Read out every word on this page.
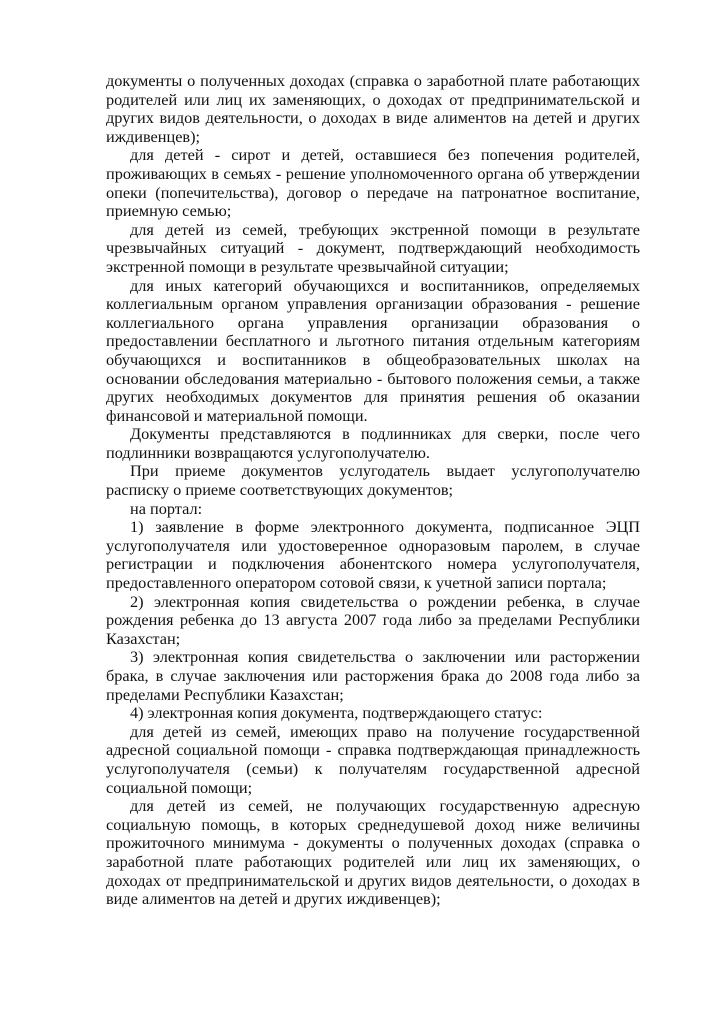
документы о полученных доходах (справка о заработной плате работающих родителей или лиц их заменяющих, о доходах от предпринимательской и других видов деятельности, о доходах в виде алиментов на детей и других иждивенцев);

для детей - сирот и детей, оставшиеся без попечения родителей, проживающих в семьях - решение уполномоченного органа об утверждении опеки (попечительства), договор о передаче на патронатное воспитание, приемную семью;

для детей из семей, требующих экстренной помощи в результате чрезвычайных ситуаций - документ, подтверждающий необходимость экстренной помощи в результате чрезвычайной ситуации;

для иных категорий обучающихся и воспитанников, определяемых коллегиальным органом управления организации образования - решение коллегиального органа управления организации образования о предоставлении бесплатного и льготного питания отдельным категориям обучающихся и воспитанников в общеобразовательных школах на основании обследования материально - бытового положения семьи, а также других необходимых документов для принятия решения об оказании финансовой и материальной помощи.

Документы представляются в подлинниках для сверки, после чего подлинники возвращаются услугополучателю.

При приеме документов услугодатель выдает услугополучателю расписку о приеме соответствующих документов;

на портал:

1) заявление в форме электронного документа, подписанное ЭЦП услугополучателя или удостоверенное одноразовым паролем, в случае регистрации и подключения абонентского номера услугополучателя, предоставленного оператором сотовой связи, к учетной записи портала;

2) электронная копия свидетельства о рождении ребенка, в случае рождения ребенка до 13 августа 2007 года либо за пределами Республики Казахстан;

3) электронная копия свидетельства о заключении или расторжении брака, в случае заключения или расторжения брака до 2008 года либо за пределами Республики Казахстан;

4) электронная копия документа, подтверждающего статус:

для детей из семей, имеющих право на получение государственной адресной социальной помощи - справка подтверждающая принадлежность услугополучателя (семьи) к получателям государственной адресной социальной помощи;

для детей из семей, не получающих государственную адресную социальную помощь, в которых среднедушевой доход ниже величины прожиточного минимума - документы о полученных доходах (справка о заработной плате работающих родителей или лиц их заменяющих, о доходах от предпринимательской и других видов деятельности, о доходах в виде алиментов на детей и других иждивенцев);
